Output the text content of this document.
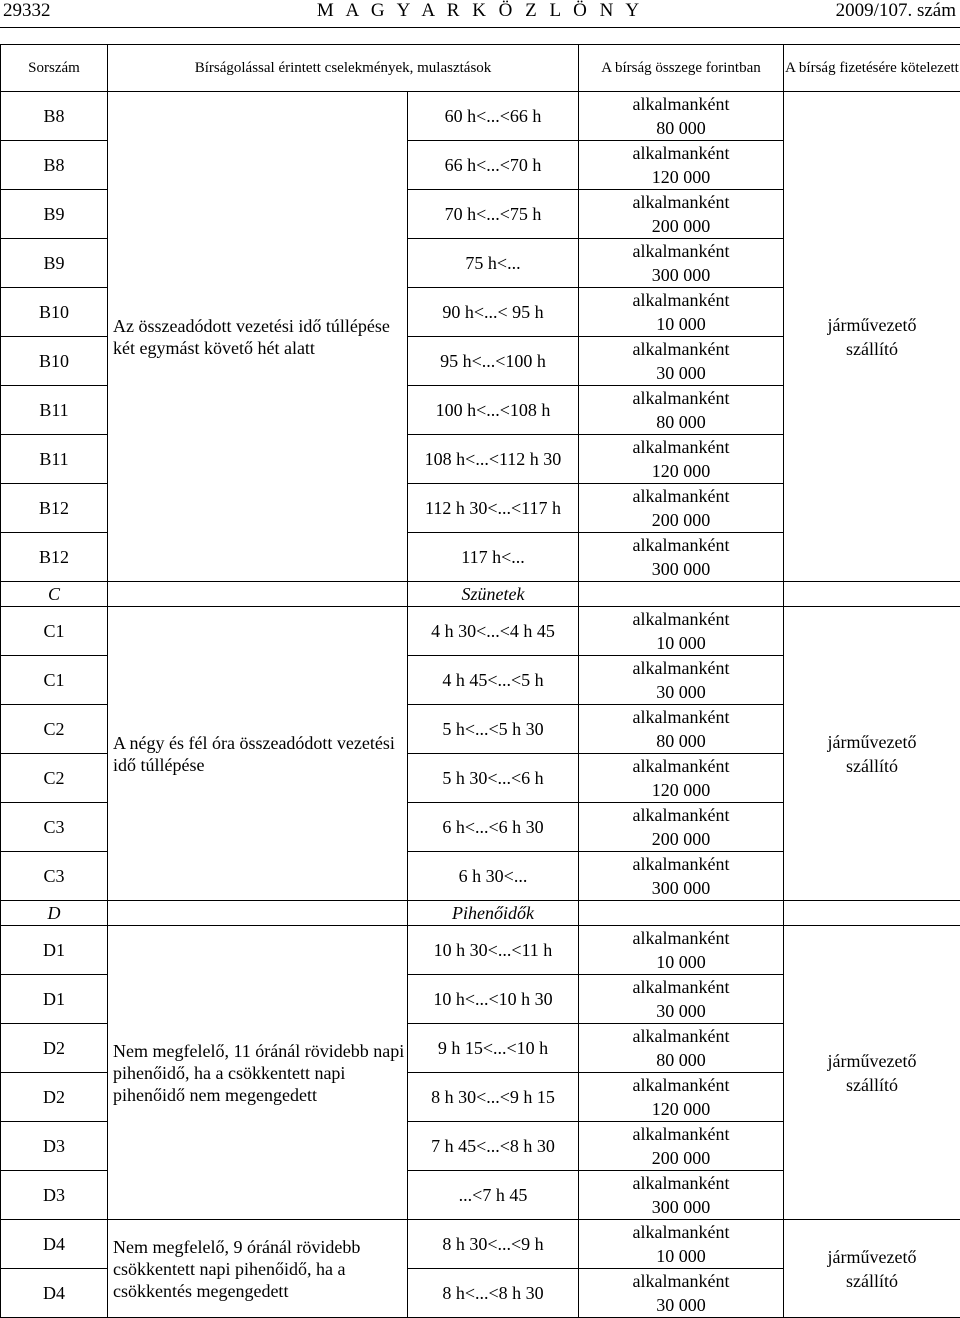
29332	M A G Y A R K Ö Z L Ö N Y	2009/107. szám
Sorszám	Bírságolással érintett cselekmények, mulasztások		A bírság összege forintban	A bírság fizetésére kötelezett
B8	Az összeadódott vezetési idő túllépése két egymást követő hét alatt	60 h<...<66 h	alkalmanként
80 000	járművezető
szállító

B8		66 h<...<70 h	alkalmanként
120 000	

B9		70 h<...<75 h	alkalmanként
200 000	

B9		75 h<...	alkalmanként
300 000	

B10		90 h<...< 95 h	alkalmanként
10 000	

B10		95 h<...<100 h	alkalmanként
30 000	

B11		100 h<...<108 h	alkalmanként
80 000	

B11		108 h<...<112 h 30	alkalmanként
120 000	

B12		112 h 30<...<117 h	alkalmanként
200 000	

B12		117 h<...	alkalmanként
300 000	

C		Szünetek		
C1	A négy és fél óra összeadódott vezetési idő túllépése	4 h 30<...<4 h 45	alkalmanként
10 000	járművezető
szállító

C1		4 h 45<...<5 h	alkalmanként
30 000	

C2		5 h<...<5 h 30	alkalmanként
80 000	

C2		5 h 30<...<6 h	alkalmanként
120 000	

C3		6 h<...<6 h 30	alkalmanként
200 000	

C3		6 h 30<...	alkalmanként
300 000	

D		Pihenőidők		
D1	Nem megfelelő, 11 óránál rövidebb napi pihenőidő, ha a csökkentett napi pihenőidő nem megengedett	10 h 30<...<11 h	alkalmanként
10 000	járművezető
szállító

D1		10 h<...<10 h 30	alkalmanként
30 000	

D2		9 h 15<...<10 h	alkalmanként
80 000	

D2		8 h 30<...<9 h 15	alkalmanként
120 000	

D3		7 h 45<...<8 h 30	alkalmanként
200 000	

D3		...<7 h 45	alkalmanként
300 000	

D4	Nem megfelelő, 9 óránál rövidebb csökkentett napi pihenőidő, ha a csökkentés megengedett	8 h 30<...<9 h	alkalmanként
10 000	járművezető
szállító

D4		8 h<...<8 h 30	alkalmanként
30 000	
